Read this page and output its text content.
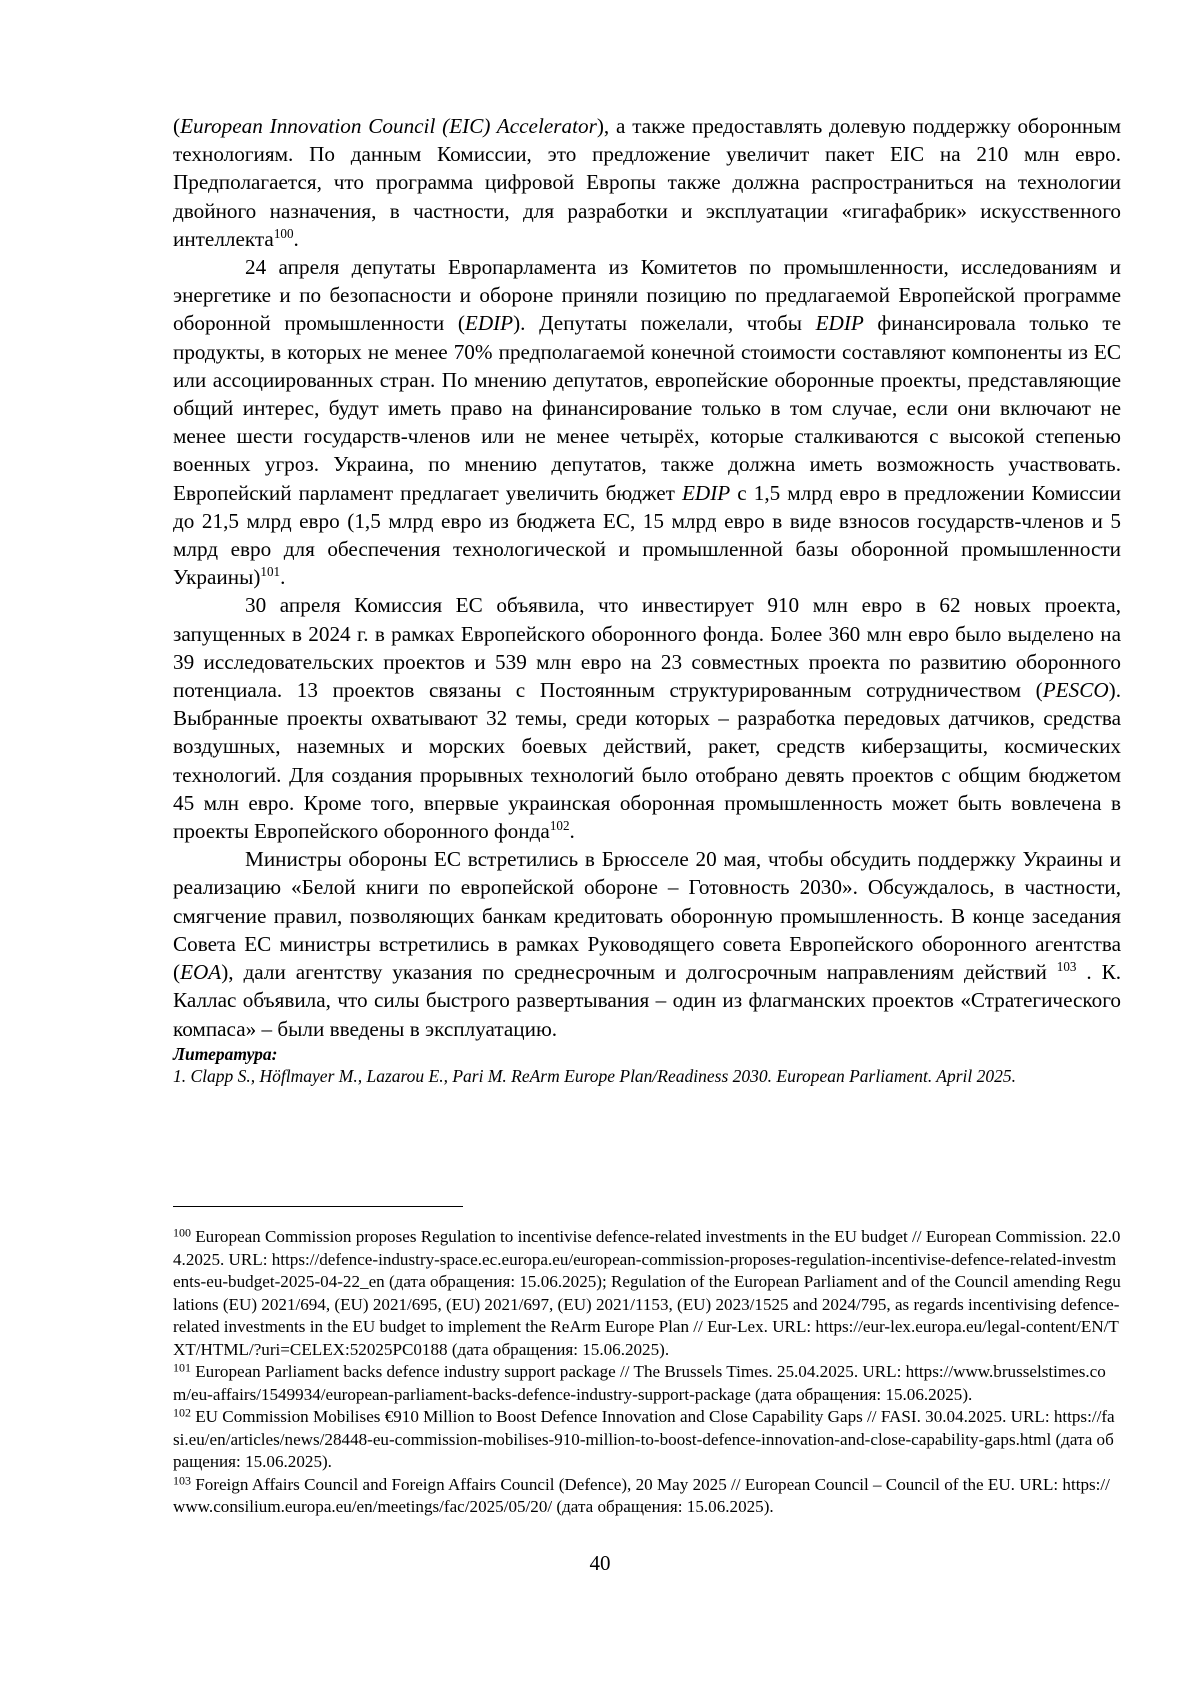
(European Innovation Council (EIC) Accelerator), а также предоставлять долевую поддержку оборонным технологиям. По данным Комиссии, это предложение увеличит пакет EIC на 210 млн евро. Предполагается, что программа цифровой Европы также должна распространиться на технологии двойного назначения, в частности, для разработки и эксплуатации «гигафабрик» искусственного интеллекта$^{100}$.

24 апреля депутаты Европарламента из Комитетов по промышленности, исследованиям и энергетике и по безопасности и обороне приняли позицию по предлагаемой Европейской программе оборонной промышленности (EDIP). Депутаты пожелали, чтобы EDIP финансировала только те продукты, в которых не менее 70% предполагаемой конечной стоимости составляют компоненты из ЕС или ассоциированных стран. По мнению депутатов, европейские оборонные проекты, представляющие общий интерес, будут иметь право на финансирование только в том случае, если они включают не менее шести государств-членов или не менее четырёх, которые сталкиваются с высокой степенью военных угроз. Украина, по мнению депутатов, также должна иметь возможность участвовать. Европейский парламент предлагает увеличить бюджет EDIP с 1,5 млрд евро в предложении Комиссии до 21,5 млрд евро (1,5 млрд евро из бюджета ЕС, 15 млрд евро в виде взносов государств-членов и 5 млрд евро для обеспечения технологической и промышленной базы оборонной промышленности Украины)$^{101}$.

30 апреля Комиссия ЕС объявила, что инвестирует 910 млн евро в 62 новых проекта, запущенных в 2024 г. в рамках Европейского оборонного фонда. Более 360 млн евро было выделено на 39 исследовательских проектов и 539 млн евро на 23 совместных проекта по развитию оборонного потенциала. 13 проектов связаны с Постоянным структурированным сотрудничеством (PESCO). Выбранные проекты охватывают 32 темы, среди которых – разработка передовых датчиков, средства воздушных, наземных и морских боевых действий, ракет, средств киберзащиты, космических технологий. Для создания прорывных технологий было отобрано девять проектов с общим бюджетом 45 млн евро. Кроме того, впервые украинская оборонная промышленность может быть вовлечена в проекты Европейского оборонного фонда$^{102}$.

Министры обороны ЕС встретились в Брюсселе 20 мая, чтобы обсудить поддержку Украины и реализацию «Белой книги по европейской обороне – Готовность 2030». Обсуждалось, в частности, смягчение правил, позволяющих банкам кредитовать оборонную промышленность. В конце заседания Совета ЕС министры встретились в рамках Руководящего совета Европейского оборонного агентства (EOA), дали агентству указания по среднесрочным и долгосрочным направлениям действий $^{103}$ . К. Каллас объявила, что силы быстрого развертывания – один из флагманских проектов «Стратегического компаса» – были введены в эксплуатацию.

Литература:

1. Clapp S., Höflmayer M., Lazarou E., Pari M. ReArm Europe Plan/Readiness 2030. European Parliament. April 2025.

$^{100}$ European Commission proposes Regulation to incentivise defence-related investments in the EU budget // European Commission. 22.04.2025. URL: https://defence-industry-space.ec.europa.eu/european-commission-proposes-regulation-incentivise-defence-related-investments-eu-budget-2025-04-22_en (дата обращения: 15.06.2025); Regulation of the European Parliament and of the Council amending Regulations (EU) 2021/694, (EU) 2021/695, (EU) 2021/697, (EU) 2021/1153, (EU) 2023/1525 and 2024/795, as regards incentivising defence-related investments in the EU budget to implement the ReArm Europe Plan // Eur-Lex. URL: https://eur-lex.europa.eu/legal-content/EN/TXT/HTML/?uri=CELEX:52025PC0188 (дата обращения: 15.06.2025).

$^{101}$ European Parliament backs defence industry support package // The Brussels Times. 25.04.2025. URL: https://www.brusselstimes.com/eu-affairs/1549934/european-parliament-backs-defence-industry-support-package (дата обращения: 15.06.2025).

$^{102}$ EU Commission Mobilises €910 Million to Boost Defence Innovation and Close Capability Gaps // FASI. 30.04.2025. URL: https://fasi.eu/en/articles/news/28448-eu-commission-mobilises-910-million-to-boost-defence-innovation-and-close-capability-gaps.html (дата обращения: 15.06.2025).

$^{103}$ Foreign Affairs Council and Foreign Affairs Council (Defence), 20 May 2025 // European Council – Council of the EU. URL: https://www.consilium.europa.eu/en/meetings/fac/2025/05/20/ (дата обращения: 15.06.2025).

40
